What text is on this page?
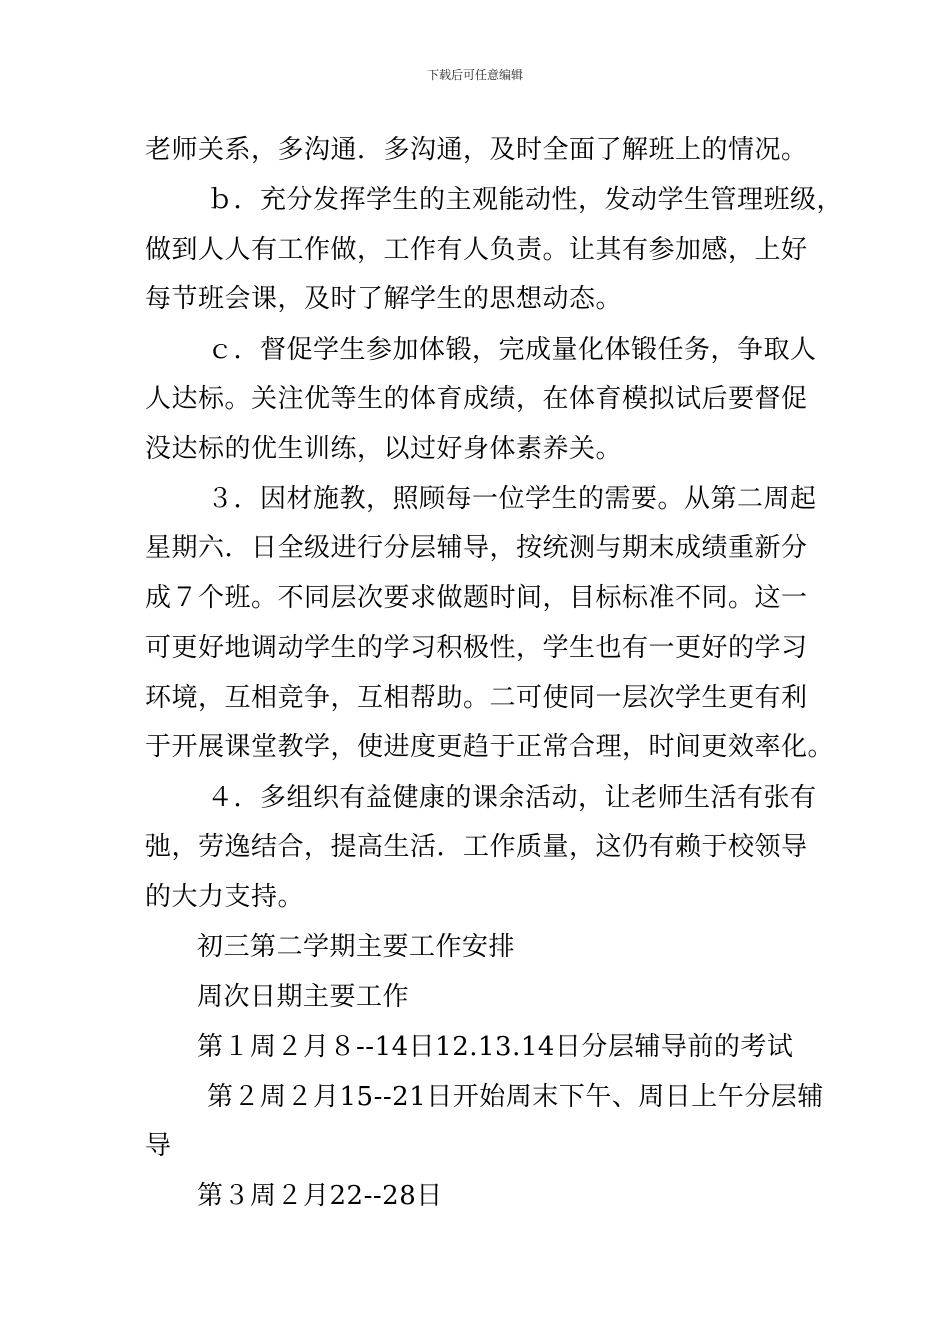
下载后可任意编辑
老师关系，多沟通．多沟通，及时全面了解班上的情况。
ｂ．充分发挥学生的主观能动性，发动学生管理班级，
做到人人有工作做，工作有人负责。让其有参加感，上好
每节班会课，及时了解学生的思想动态。
ｃ．督促学生参加体锻，完成量化体锻任务，争取人
人达标。关注优等生的体育成绩，在体育模拟试后要督促
没达标的优生训练，以过好身体素养关。
３．因材施教，照顾每一位学生的需要。从第二周起
星期六．日全级进行分层辅导，按统测与期末成绩重新分
成７个班。不同层次要求做题时间，目标标准不同。这一
可更好地调动学生的学习积极性，学生也有一更好的学习
环境，互相竞争，互相帮助。二可使同一层次学生更有利
于开展课堂教学，使进度更趋于正常合理，时间更效率化。
４．多组织有益健康的课余活动，让老师生活有张有
弛，劳逸结合，提高生活．工作质量，这仍有赖于校领导
的大力支持。
初三第二学期主要工作安排
周次日期主要工作
第１周２月８--14日12.13.14日分层辅导前的考试
第２周２月15--21日开始周末下午、周日上午分层辅
导
第３周２月22--28日
